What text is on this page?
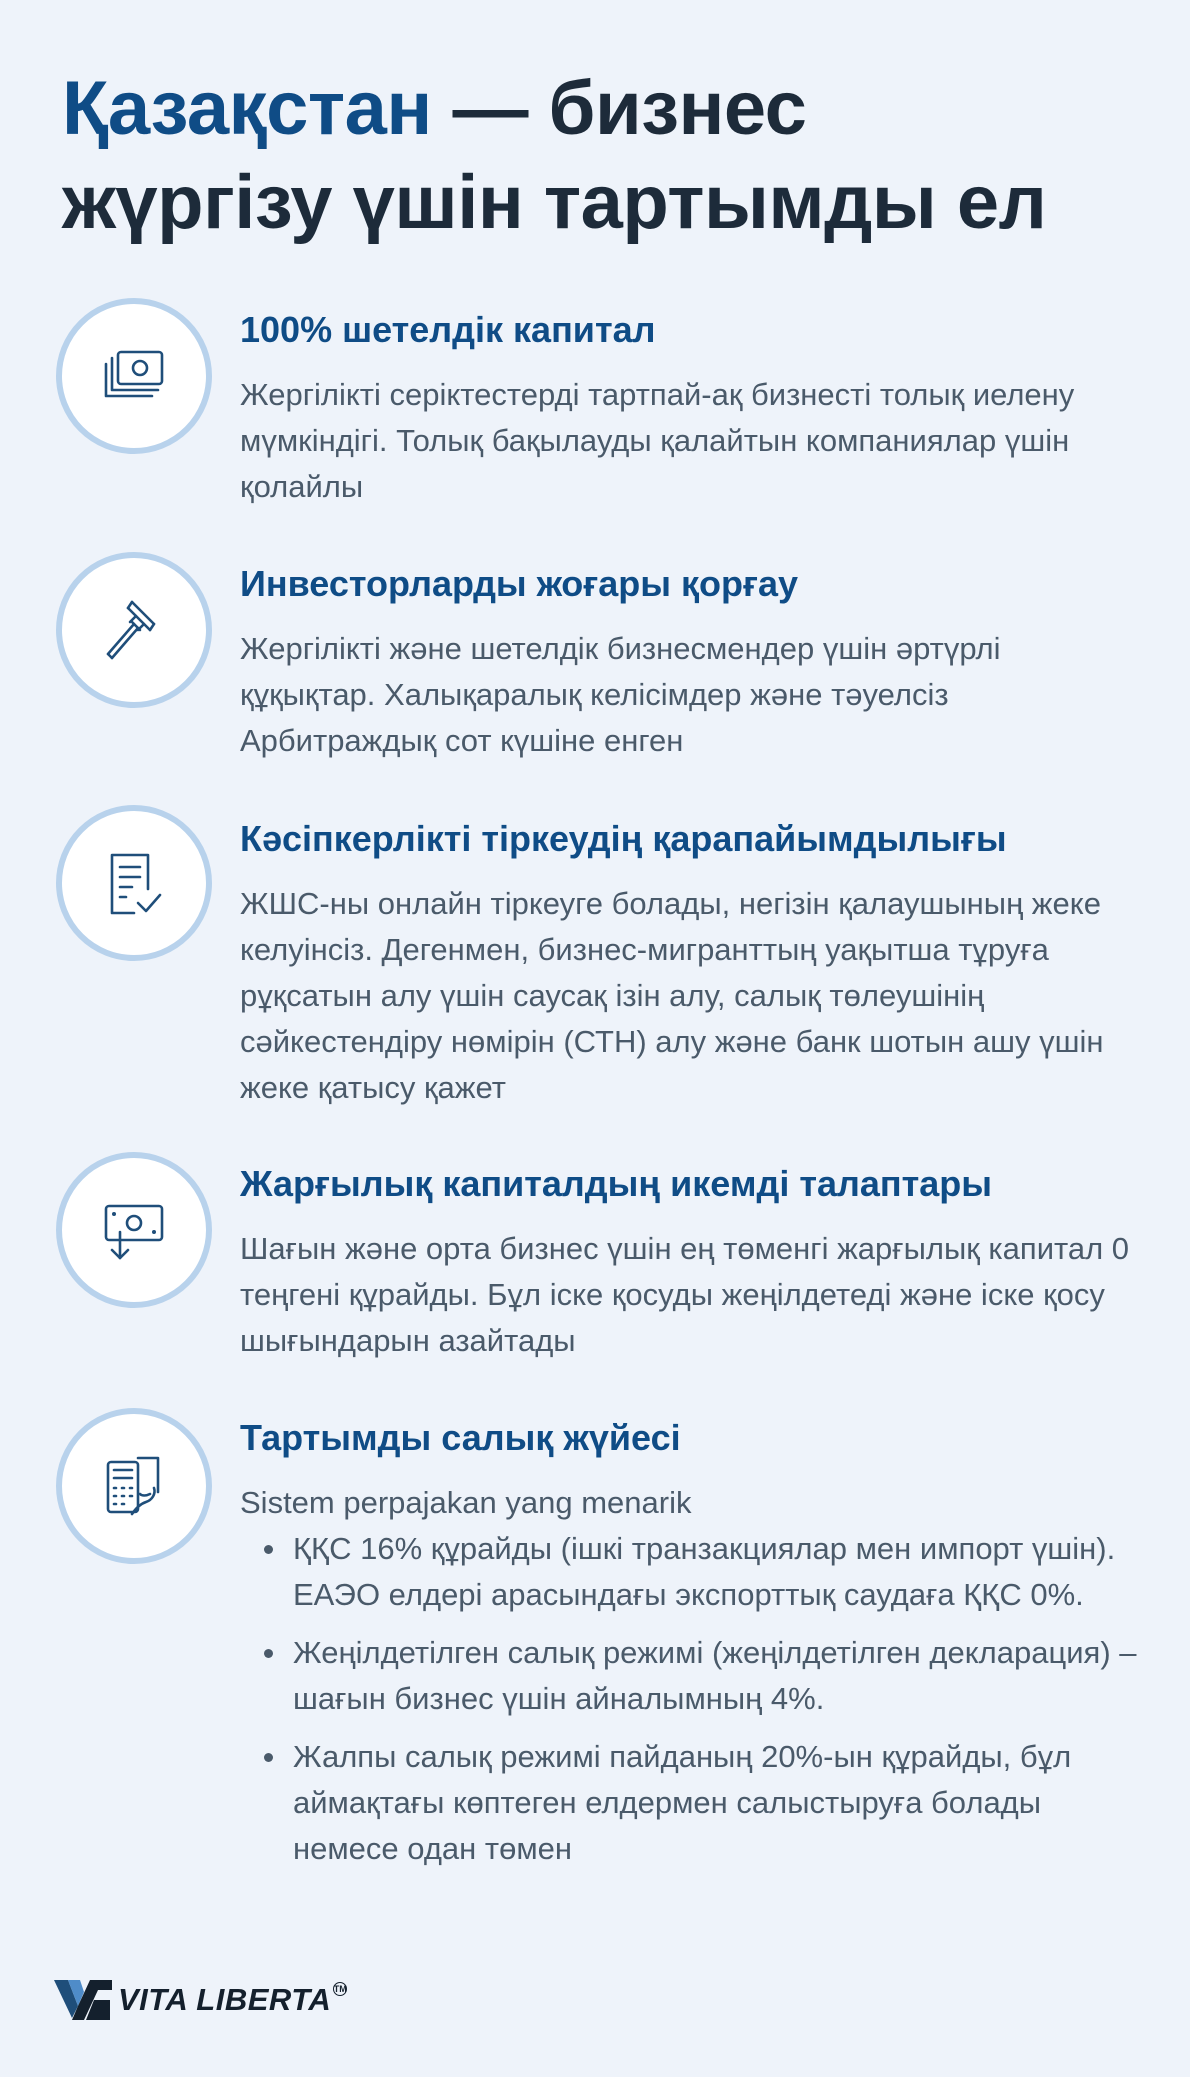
Қазақстан — бизнес
жүргізу үшін тартымды ел
100% шетелдік капитал

Жергілікті серіктестерді тартпай-ақ бизнесті толық иелену мүмкіндігі. Толық бақылауды қалайтын компаниялар үшін қолайлы

Инвесторларды жоғары қорғау

Жергілікті және шетелдік бизнесмендер үшін әртүрлі құқықтар. Халықаралық келісімдер және тәуелсіз Арбитраждық сот күшіне енген

Кәсіпкерлікті тіркеудің қарапайымдылығы

ЖШС-ны онлайн тіркеуге болады, негізін қалаушының жеке келуінсіз. Дегенмен, бизнес-мигранттың уақытша тұруға рұқсатын алу үшін саусақ ізін алу, салық төлеушінің сәйкестендіру нөмірін (СТН) алу және банк шотын ашу үшін жеке қатысу қажет

Жарғылық капиталдың икемді талаптары

Шағын және орта бизнес үшін ең төменгі жарғылық капитал 0 теңгені құрайды. Бұл іске қосуды жеңілдетеді және іске қосу шығындарын азайтады

Тартымды салық жүйесі

Sistem perpajakan yang menarik

ҚҚС 16% құрайды (ішкі транзакциялар мен импорт үшін). ЕАЭО елдері арасындағы экспорттық саудаға ҚҚС 0%.
Жеңілдетілген салық режимі (жеңілдетілген декларация) – шағын бизнес үшін айналымның 4%.
Жалпы салық режимі пайданың 20%-ын құрайды, бұл аймақтағы көптеген елдермен салыстыруға болады немесе одан төмен
VITA LIBERTA TM
